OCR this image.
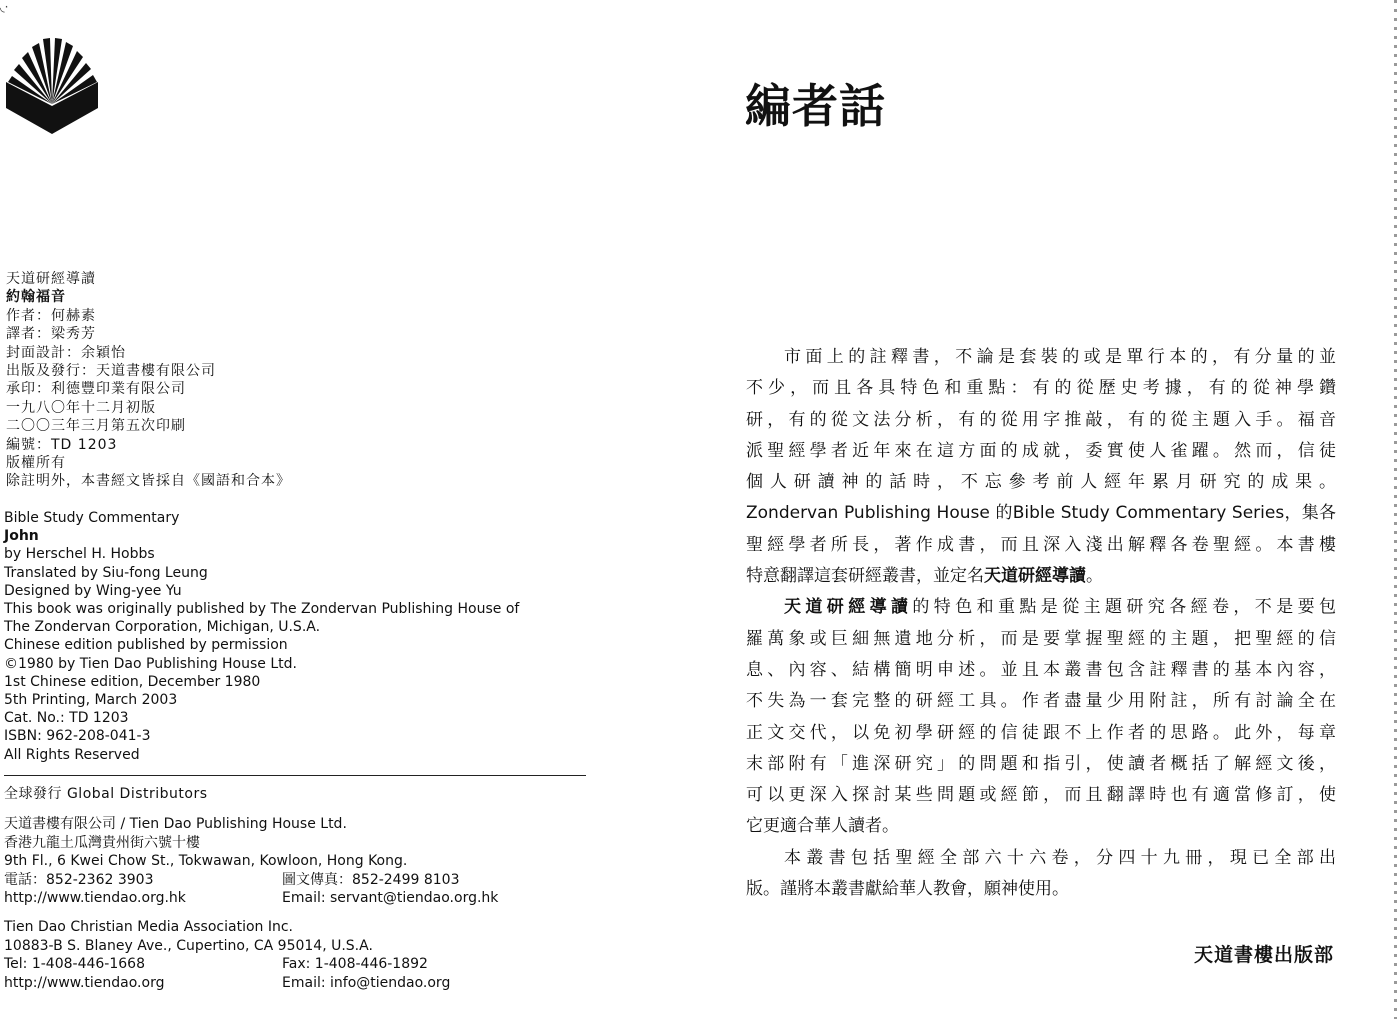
◟·
天道研經導讀
約翰福音
作者：何赫素
譯者：梁秀芳
封面設計：余穎怡
出版及發行：天道書樓有限公司
承印：利德豐印業有限公司
一九八〇年十二月初版
二〇〇三年三月第五次印刷
編號：TD 1203
版權所有
除註明外，本書經文皆採自《國語和合本》
Bible Study Commentary
John
by Herschel H. Hobbs
Translated by Siu-fong Leung
Designed by Wing-yee Yu
This book was originally published by The Zondervan Publishing House of
The Zondervan Corporation, Michigan, U.S.A.
Chinese edition published by permission
©1980 by Tien Dao Publishing House Ltd.
1st Chinese edition, December 1980
5th Printing, March 2003
Cat. No.: TD 1203
ISBN: 962-208-041-3
All Rights Reserved
全球發行 Global Distributors
天道書樓有限公司 / Tien Dao Publishing House Ltd.
香港九龍土瓜灣貴州街六號十樓
9th Fl., 6 Kwei Chow St., Tokwawan, Kowloon, Hong Kong.
電話：852-2362 3903	圖文傳真：852-2499 8103
http://www.tiendao.org.hk	Email: servant@tiendao.org.hk
Tien Dao Christian Media Association Inc.
10883-B S. Blaney Ave., Cupertino, CA 95014, U.S.A.
Tel: 1-408-446-1668	Fax: 1-408-446-1892
http://www.tiendao.org	Email: info@tiendao.org
編者話
市面上的註釋書，不論是套裝的或是單行本的，有分量的並
不少，而且各具特色和重點：有的從歷史考據，有的從神學鑽
研，有的從文法分析，有的從用字推敲，有的從主題入手。福音
派聖經學者近年來在這方面的成就，委實使人雀躍。然而，信徒
個人研讀神的話時，不忘參考前人經年累月研究的成果。
Zondervan Publishing House 的Bible Study Commentary Series，集各
聖經學者所長，著作成書，而且深入淺出解釋各卷聖經。本書樓
特意翻譯這套研經叢書，並定名天道研經導讀。
天道研經導讀的特色和重點是從主題研究各經卷，不是要包
羅萬象或巨細無遺地分析，而是要掌握聖經的主題，把聖經的信
息、內容、結構簡明申述。並且本叢書包含註釋書的基本內容，
不失為一套完整的研經工具。作者盡量少用附註，所有討論全在
正文交代，以免初學研經的信徒跟不上作者的思路。此外，每章
末部附有「進深研究」的問題和指引，使讀者概括了解經文後，
可以更深入探討某些問題或經節，而且翻譯時也有適當修訂，使
它更適合華人讀者。
本叢書包括聖經全部六十六卷，分四十九冊，現已全部出
版。謹將本叢書獻給華人教會，願神使用。
天道書樓出版部
